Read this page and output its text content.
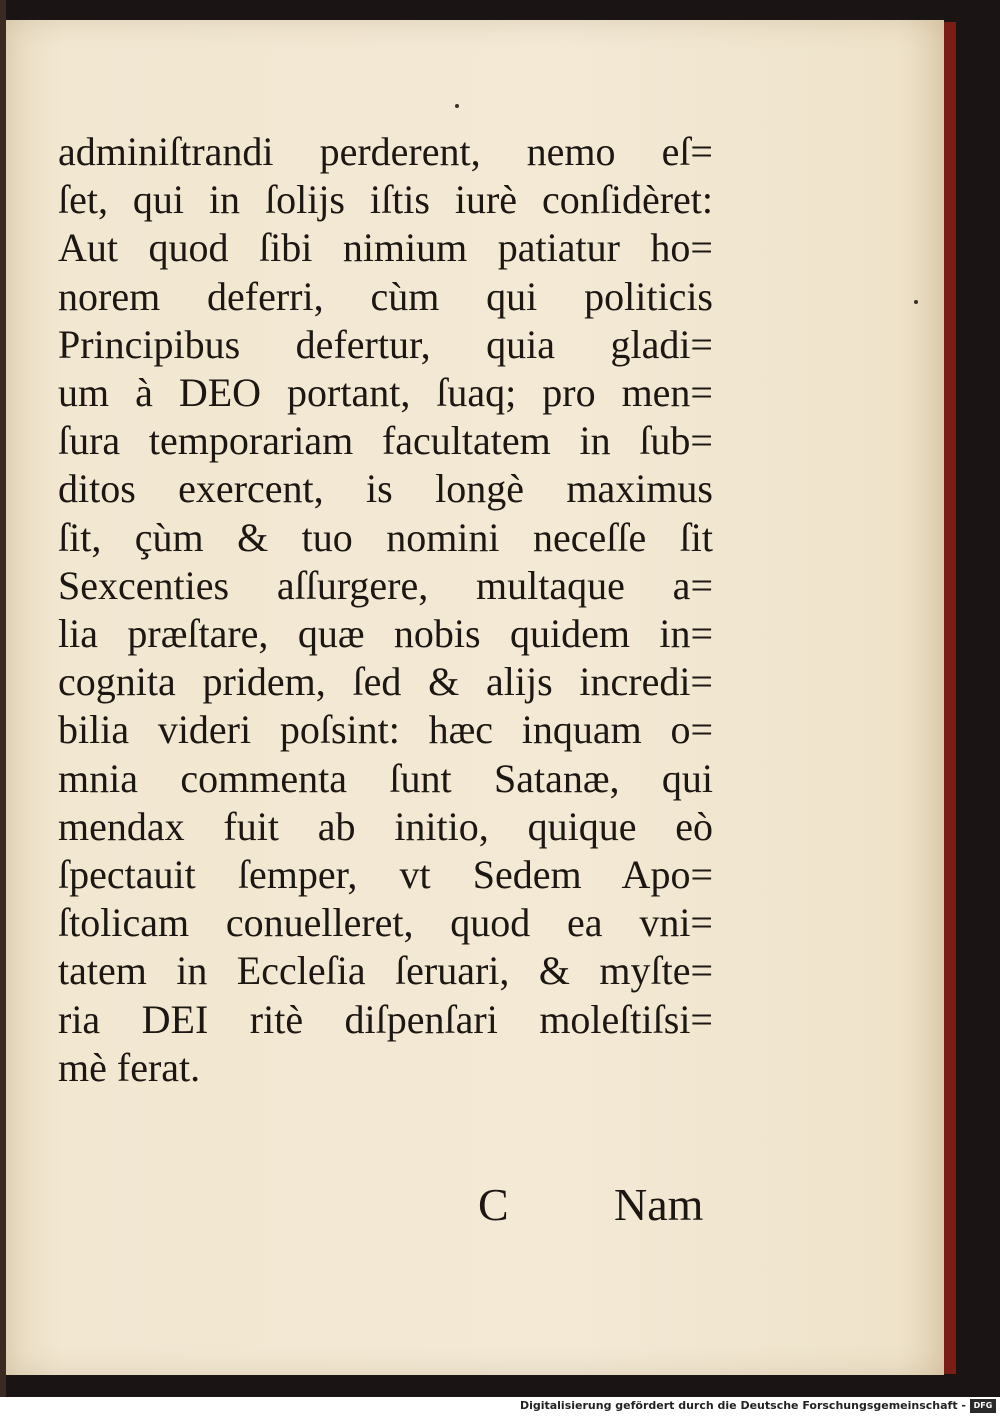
adminiſtrandi perderent, nemo eſ=
ſet, qui in ſolijs iſtis iurè conſidèret:
Aut quod ſibi nimium patiatur ho=
norem deferri, cùm qui politicis
Principibus defertur, quia gladi=
um à DEO portant, ſuaq; pro men=
ſura temporariam facultatem in ſub=
ditos exercent, is longè maximus
ſit, çùm & tuo nomini neceſſe ſit
Sexcenties aſſurgere, multaque a=
lia præſtare, quæ nobis quidem in=
cognita pridem, ſed & alijs incredi=
bilia videri poſsint: hæc inquam o=
mnia commenta ſunt Satanæ, qui
mendax fuit ab initio, quique eò
ſpectauit ſemper, vt Sedem Apo=
ſtolicam conuelleret, quod ea vni=
tatem in Eccleſia ſeruari, & myſte=
ria DEI ritè diſpenſari moleſtiſsi=
mè ferat.
C Nam
Digitalisierung gefördert durch die Deutsche Forschungsgemeinschaft - DFG
